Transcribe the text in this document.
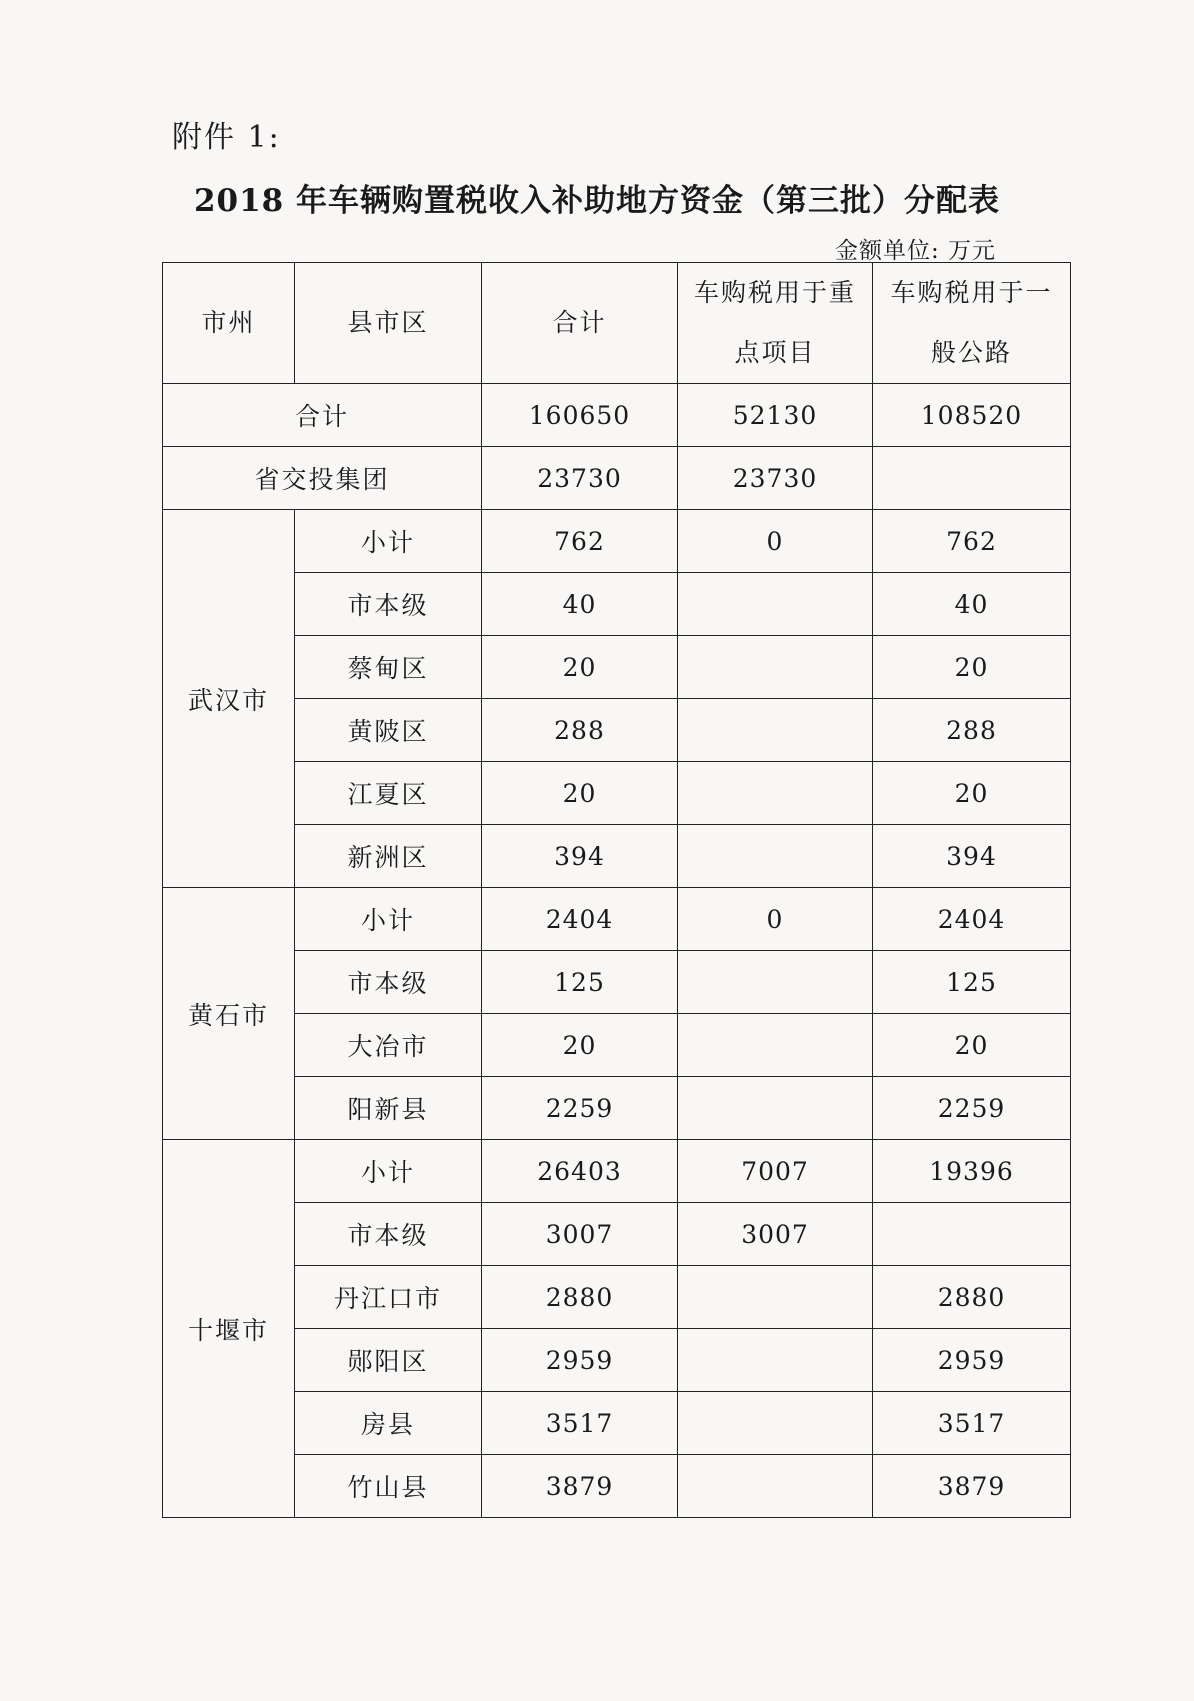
附件 1:
2018 年车辆购置税收入补助地方资金（第三批）分配表
金额单位: 万元
市州	县市区	合计	车购税用于重点项目	车购税用于一般公路
合计		160650	52130	108520
省交投集团		23730	23730	
武汉市	小计	762	0	762
	市本级	40		40
	蔡甸区	20		20
	黄陂区	288		288
	江夏区	20		20
	新洲区	394		394
黄石市	小计	2404	0	2404
	市本级	125		125
	大冶市	20		20
	阳新县	2259		2259
十堰市	小计	26403	7007	19396
	市本级	3007	3007	
	丹江口市	2880		2880
	郧阳区	2959		2959
	房县	3517		3517
	竹山县	3879		3879
